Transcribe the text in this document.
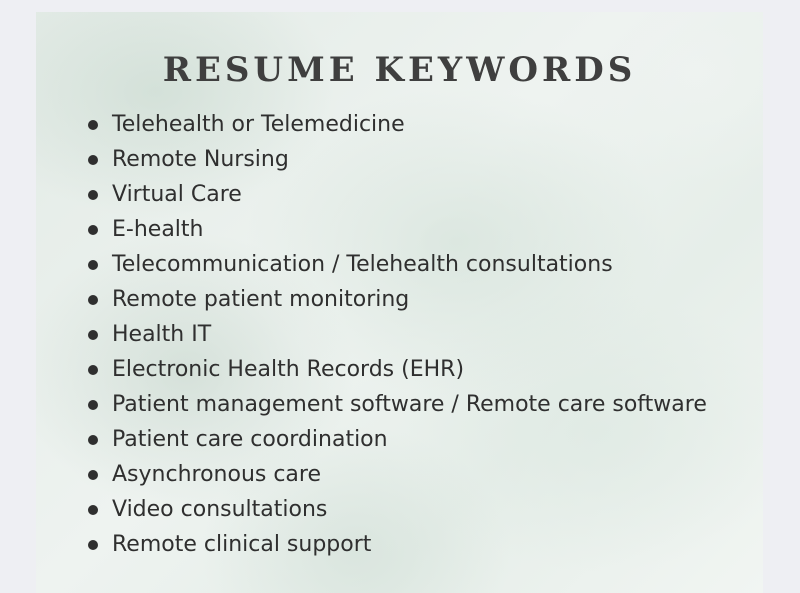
RESUME KEYWORDS
Telehealth or Telemedicine
Remote Nursing
Virtual Care
E-health
Telecommunication / Telehealth consultations
Remote patient monitoring
Health IT
Electronic Health Records (EHR)
Patient management software / Remote care software
Patient care coordination
Asynchronous care
Video consultations
Remote clinical support
